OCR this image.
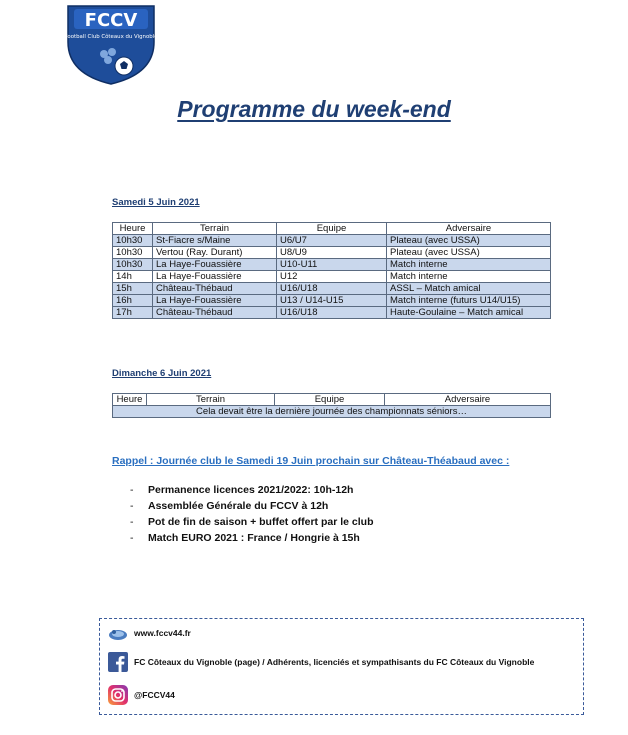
FCCV
Football Club Côteaux du Vignoble
Programme du week-end
Samedi 5 Juin 2021
Heure	Terrain	Equipe	Adversaire
10h30	St-Fiacre s/Maine	U6/U7	Plateau (avec USSA)
10h30	Vertou (Ray. Durant)	U8/U9	Plateau (avec USSA)
10h30	La Haye-Fouassière	U10-U11	Match interne
14h	La Haye-Fouassière	U12	Match interne
15h	Château-Thébaud	U16/U18	ASSL – Match amical
16h	La Haye-Fouassière	U13 / U14-U15	Match interne (futurs U14/U15)
17h	Château-Thébaud	U16/U18	Haute-Goulaine – Match amical
Dimanche 6 Juin 2021
Heure	Terrain	Equipe	Adversaire
Cela devait être la dernière journée des championnats séniors…
Rappel : Journée club le Samedi 19 Juin prochain sur Château-Théabaud avec :
- Permanence licences 2021/2022: 10h-12h
- Assemblée Générale du FCCV à 12h
- Pot de fin de saison + buffet offert par le club
- Match EURO 2021 : France / Hongrie à 15h
www.fccv44.fr
FC Côteaux du Vignoble (page) / Adhérents, licenciés et sympathisants du FC Côteaux du Vignoble
@FCCV44
